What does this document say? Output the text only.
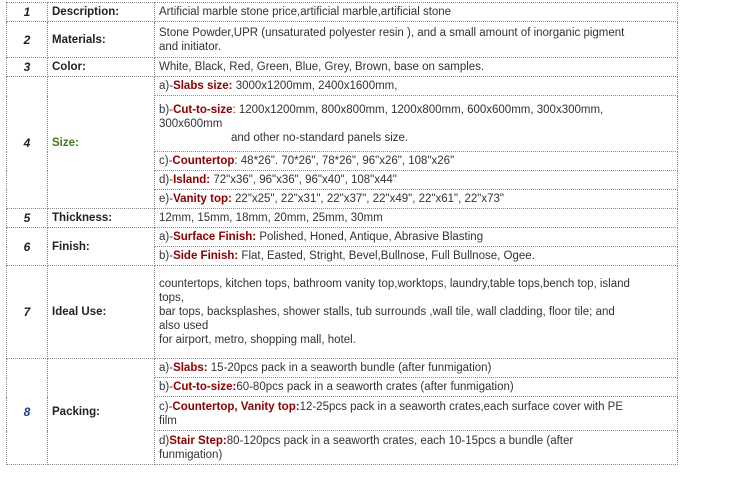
1	Description:	Artificial marble stone price,artificial marble,artificial stone
2	Materials:	Stone Powder,UPR (unsaturated polyester resin ), and a small amount of inorganic pigment
and initiator.

3	Color:	White, Black, Red, Green, Blue, Grey, Brown, base on samples.
4	Size:	a)-Slabs size: 3000x1200mm, 2400x1600mm,

		b)-Cut-to-size: 1200x1200mm, 800x800mm, 1200x800mm, 600x600mm, 300x300mm,
300x600mm
and other no-standard panels size.

		c)-Countertop: 48*26". 70*26", 78*26", 96"x26", 108"x26"
		d)-Island: 72"x36", 96"x36", 96"x40", 108"x44"
		e)-Vanity top: 22"x25", 22"x31", 22"x37", 22"x49", 22"x61", 22"x73"
5	Thickness:	12mm, 15mm, 18mm, 20mm, 25mm, 30mm
6	Finish:	a)-Surface Finish: Polished, Honed, Antique, Abrasive Blasting
		b)-Side Finish: Flat, Easted, Stright, Bevel,Bullnose, Full Bullnose, Ogee.
7	Ideal Use:	countertops, kitchen tops, bathroom vanity top,worktops, laundry,table tops,bench top, island
tops,
bar tops, backsplashes, shower stalls, tub surrounds ,wall tile, wall cladding, floor tile; and
also used
for airport, metro, shopping mall, hotel.

8	Packing:	a)-Slabs: 15-20pcs pack in a seaworth bundle (after funmigation)
		b)-Cut-to-size:60-80pcs pack in a seaworth crates (after funmigation)

		c)-Countertop, Vanity top:12-25pcs pack in a seaworth crates,each surface cover with PE
film

		d)Stair Step:80-120pcs pack in a seaworth crates, each 10-15pcs a bundle (after
funmigation)
